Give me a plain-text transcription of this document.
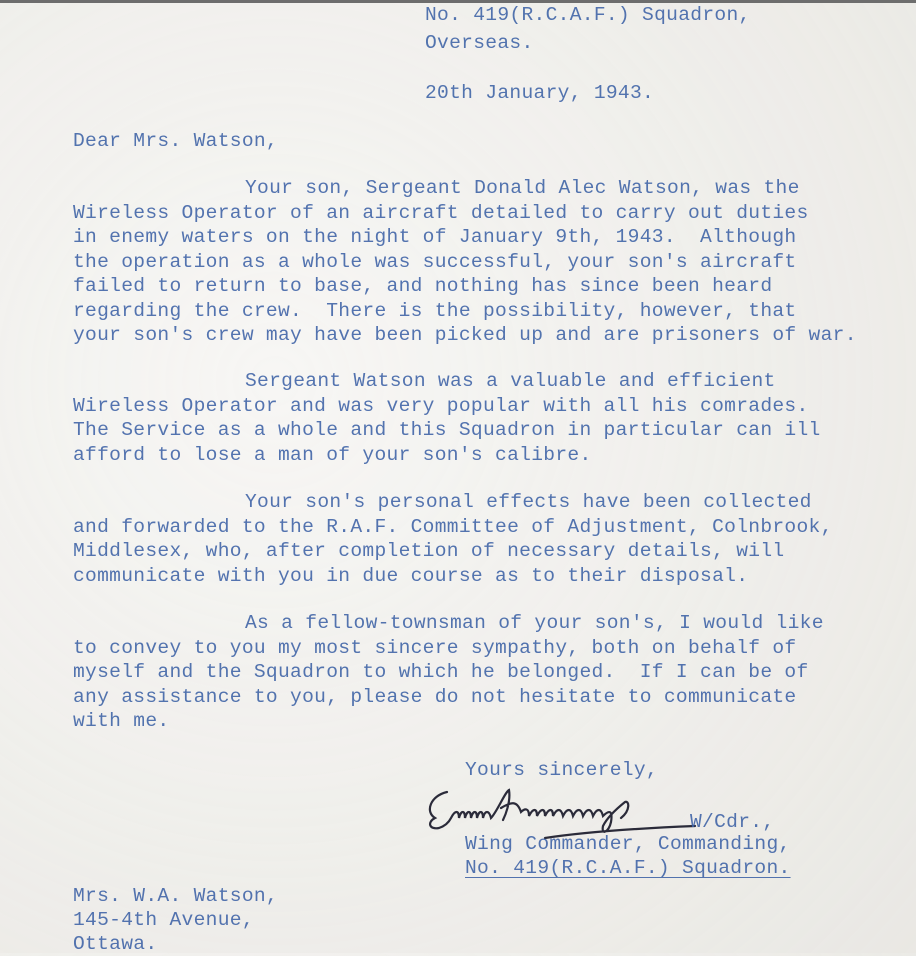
No. 419(R.C.A.F.) Squadron,
Overseas.
20th January, 1943.
Dear Mrs. Watson,
Your son, Sergeant Donald Alec Watson, was the
Wireless Operator of an aircraft detailed to carry out duties
in enemy waters on the night of January 9th, 1943.  Although
the operation as a whole was successful, your son's aircraft
failed to return to base, and nothing has since been heard
regarding the crew.  There is the possibility, however, that
your son's crew may have been picked up and are prisoners of war.
Sergeant Watson was a valuable and efficient
Wireless Operator and was very popular with all his comrades.
The Service as a whole and this Squadron in particular can ill
afford to lose a man of your son's calibre.
Your son's personal effects have been collected
and forwarded to the R.A.F. Committee of Adjustment, Colnbrook,
Middlesex, who, after completion of necessary details, will
communicate with you in due course as to their disposal.
As a fellow-townsman of your son's, I would like
to convey to you my most sincere sympathy, both on behalf of
myself and the Squadron to which he belonged.  If I can be of
any assistance to you, please do not hesitate to communicate
with me.
Yours sincerely,
W/Cdr.,
Wing Commander, Commanding,
No. 419(R.C.A.F.) Squadron.
Mrs. W.A. Watson,
145-4th Avenue,
Ottawa.
